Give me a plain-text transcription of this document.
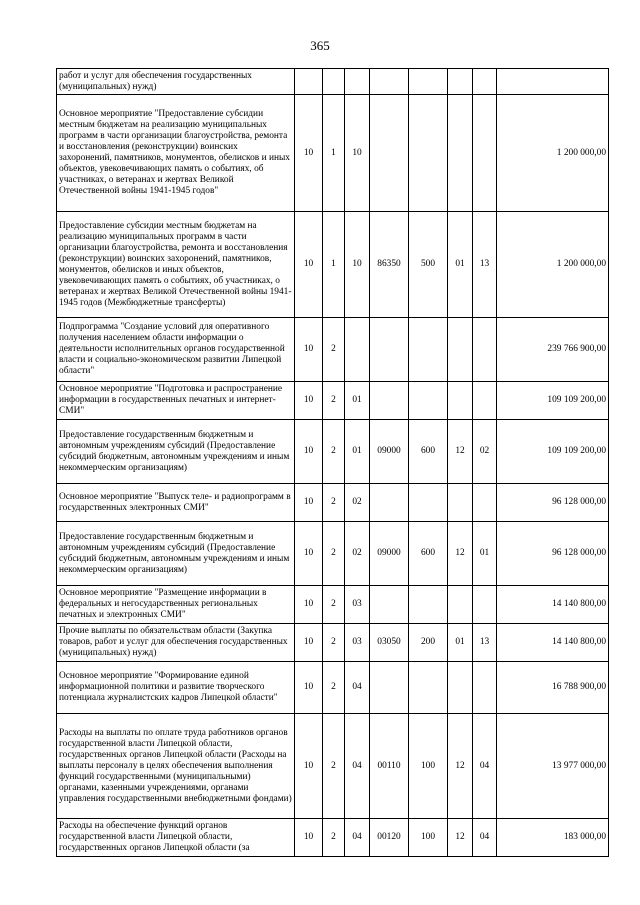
365
работ и услуг для обеспечения государственных (муниципальных) нужд)								
Основное мероприятие "Предоставление субсидии местным бюджетам на реализацию муниципальных программ в части организации благоустройства, ремонта и восстановления (реконструкции) воинских захоронений, памятников, монументов, обелисков и иных объектов, увековечивающих память о событиях, об участниках, о ветеранах и жертвах Великой Отечественной войны 1941-1945 годов"	10	1	10					1 200 000,00
Предоставление субсидии местным бюджетам на реализацию муниципальных программ в части организации благоустройства, ремонта и восстановления (реконструкции) воинских захоронений, памятников, монументов, обелисков и иных объектов, увековечивающих память о событиях, об участниках, о ветеранах и жертвах Великой Отечественной войны 1941-1945 годов (Межбюджетные трансферты)	10	1	10	86350	500	01	13	1 200 000,00
Подпрограмма "Создание условий для оперативного получения населением области информации о деятельности исполнительных органов государственной власти и социально-экономическом развитии Липецкой области"	10	2						239 766 900,00
Основное мероприятие "Подготовка и распространение информации в государственных печатных и интернет-СМИ"	10	2	01					109 109 200,00
Предоставление государственным бюджетным и автономным учреждениям субсидий (Предоставление субсидий бюджетным, автономным учреждениям и иным некоммерческим организациям)	10	2	01	09000	600	12	02	109 109 200,00
Основное мероприятие "Выпуск теле- и радиопрограмм в государственных электронных СМИ"	10	2	02					96 128 000,00
Предоставление государственным бюджетным и автономным учреждениям субсидий (Предоставление субсидий бюджетным, автономным учреждениям и иным некоммерческим организациям)	10	2	02	09000	600	12	01	96 128 000,00
Основное мероприятие "Размещение информации в федеральных и негосударственных региональных печатных и электронных СМИ"	10	2	03					14 140 800,00
Прочие выплаты по обязательствам области (Закупка товаров, работ и услуг для обеспечения государственных (муниципальных) нужд)	10	2	03	03050	200	01	13	14 140 800,00
Основное мероприятие "Формирование единой информационной политики и развитие творческого потенциала журналистских кадров Липецкой области"	10	2	04					16 788 900,00
Расходы на выплаты по оплате труда работников органов государственной власти Липецкой области, государственных органов Липецкой области (Расходы на выплаты персоналу в целях обеспечения выполнения функций государственными (муниципальными) органами, казенными учреждениями, органами управления государственными внебюджетными фондами)	10	2	04	00110	100	12	04	13 977 000,00
Расходы на обеспечение функций органов государственной власти Липецкой области, государственных органов Липецкой области (за	10	2	04	00120	100	12	04	183 000,00
